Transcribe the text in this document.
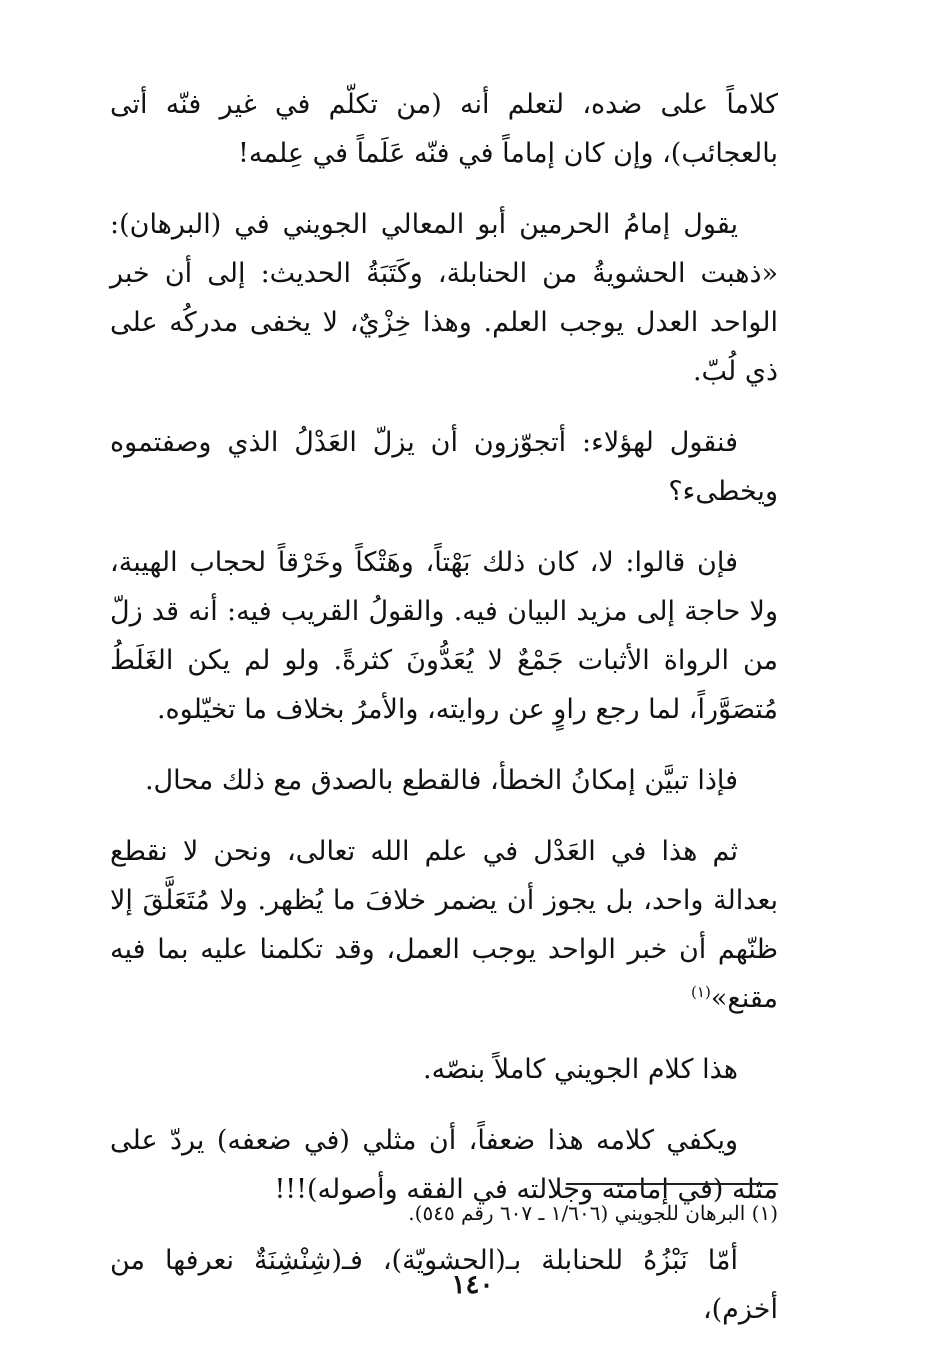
كلاماً على ضده، لتعلم أنه (من تكلّم في غير فنّه أتى بالعجائب)، وإن كان إماماً في فنّه عَلَماً في عِلمه!

يقول إمامُ الحرمين أبو المعالي الجويني في (البرهان): «ذهبت الحشويةُ من الحنابلة، وكَتَبَةُ الحديث: إلى أن خبر الواحد العدل يوجب العلم. وهذا خِزْيٌ، لا يخفى مدركُه على ذي لُبّ.

فنقول لهؤلاء: أتجوّزون أن يزلّ العَدْلُ الذي وصفتموه ويخطىء؟

فإن قالوا: لا، كان ذلك بَهْتاً، وهَتْكاً وخَرْقاً لحجاب الهيبة، ولا حاجة إلى مزيد البيان فيه. والقولُ القريب فيه: أنه قد زلّ من الرواة الأثبات جَمْعٌ لا يُعَدُّونَ كثرةً. ولو لم يكن الغَلَطُ مُتصَوَّراً، لما رجع راوٍ عن روايته، والأمرُ بخلاف ما تخيّلوه.

فإذا تبيَّن إمكانُ الخطأ، فالقطع بالصدق مع ذلك محال.

ثم هذا في العَدْل في علم الله تعالى، ونحن لا نقطع بعدالة واحد، بل يجوز أن يضمر خلافَ ما يُظهر. ولا مُتَعَلَّقَ إلا ظنّهم أن خبر الواحد يوجب العمل، وقد تكلمنا عليه بما فيه مقنع»$^{(١)}$

هذا كلام الجويني كاملاً بنصّه.

ويكفي كلامه هذا ضعفاً، أن مثلي (في ضعفه) يردّ على مثله (في إمامته وجلالته في الفقه وأصوله)!!!

أمّا نَبْزُهُ للحنابلة بـ(الحشويّة)، فـ(شِنْشِنَةٌ نعرفها من أخزم)،

(١) البرهان للجويني (١/٦٠٦ ـ ٦٠٧ رقم ٥٤٥).
١٤٠
